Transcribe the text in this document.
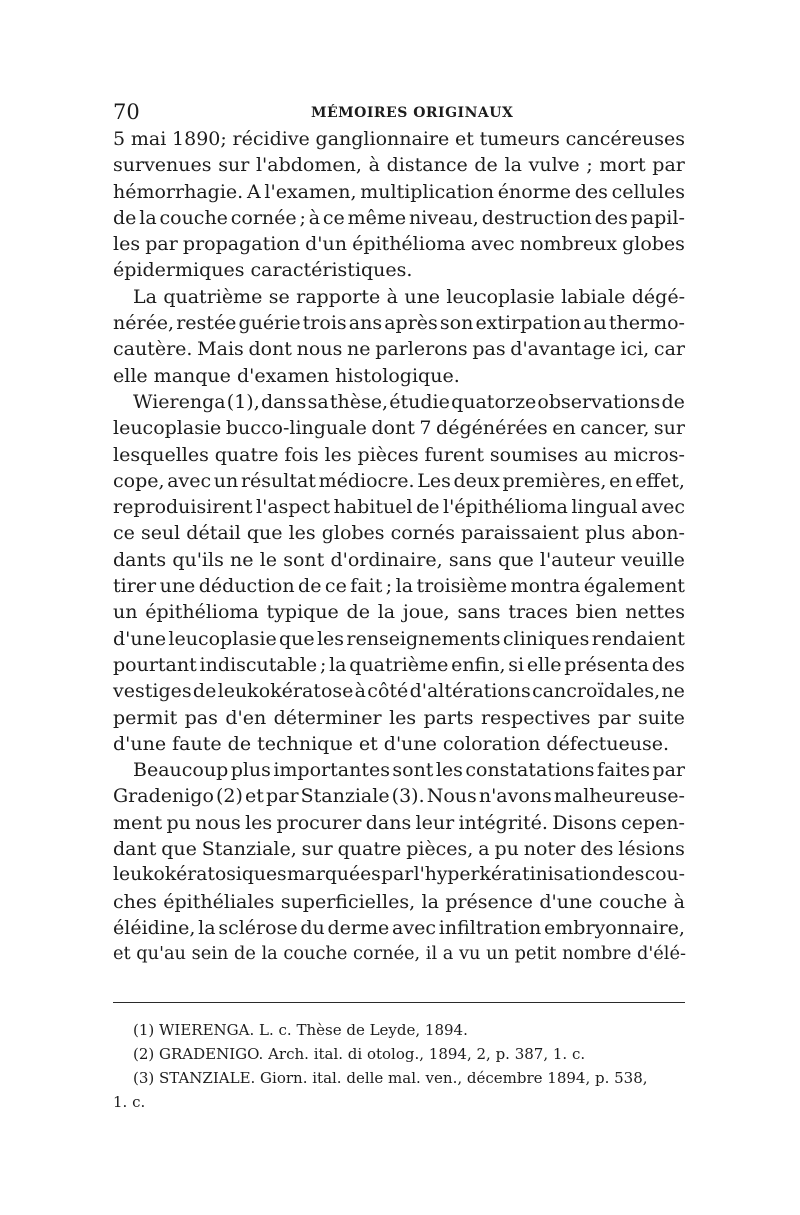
70	MÉMOIRES ORIGINAUX
5 mai 1890; récidive ganglionnaire et tumeurs cancéreuses
survenues sur l'abdomen, à distance de la vulve ; mort par
hémorrhagie. A l'examen, multiplication énorme des cellules
de la couche cornée ; à ce même niveau, destruction des papil-
les par propagation d'un épithélioma avec nombreux globes
épidermiques caractéristiques.
La quatrième se rapporte à une leucoplasie labiale dégé-
nérée, restée guérie trois ans après son extirpation au thermo-
cautère. Mais dont nous ne parlerons pas d'avantage ici, car
elle manque d'examen histologique.
Wierenga (1), dans sa thèse, étudie quatorze observations de
leucoplasie bucco-linguale dont 7 dégénérées en cancer, sur
lesquelles quatre fois les pièces furent soumises au micros-
cope, avec un résultat médiocre. Les deux premières, en effet,
reproduisirent l'aspect habituel de l'épithélioma lingual avec
ce seul détail que les globes cornés paraissaient plus abon-
dants qu'ils ne le sont d'ordinaire, sans que l'auteur veuille
tirer une déduction de ce fait ; la troisième montra également
un épithélioma typique de la joue, sans traces bien nettes
d'une leucoplasie que les renseignements cliniques rendaient
pourtant indiscutable ; la quatrième enfin, si elle présenta des
vestiges de leukokératose à côté d'altérations cancroïdales, ne
permit pas d'en déterminer les parts respectives par suite
d'une faute de technique et d'une coloration défectueuse.
Beaucoup plus importantes sont les constatations faites par
Gradenigo (2) et par Stanziale (3). Nous n'avons malheureuse-
ment pu nous les procurer dans leur intégrité. Disons cepen-
dant que Stanziale, sur quatre pièces, a pu noter des lésions
leukokératosiques marquées par l'hyperkératinisation des cou-
ches épithéliales superficielles, la présence d'une couche à
éléidine, la sclérose du derme avec infiltration embryonnaire,
et qu'au sein de la couche cornée, il a vu un petit nombre d'élé-
(1) WIERENGA. L. c. Thèse de Leyde, 1894.
(2) GRADENIGO. Arch. ital. di otolog., 1894, 2, p. 387, 1. c.
(3) STANZIALE. Giorn. ital. delle mal. ven., décembre 1894, p. 538,
1. c.
